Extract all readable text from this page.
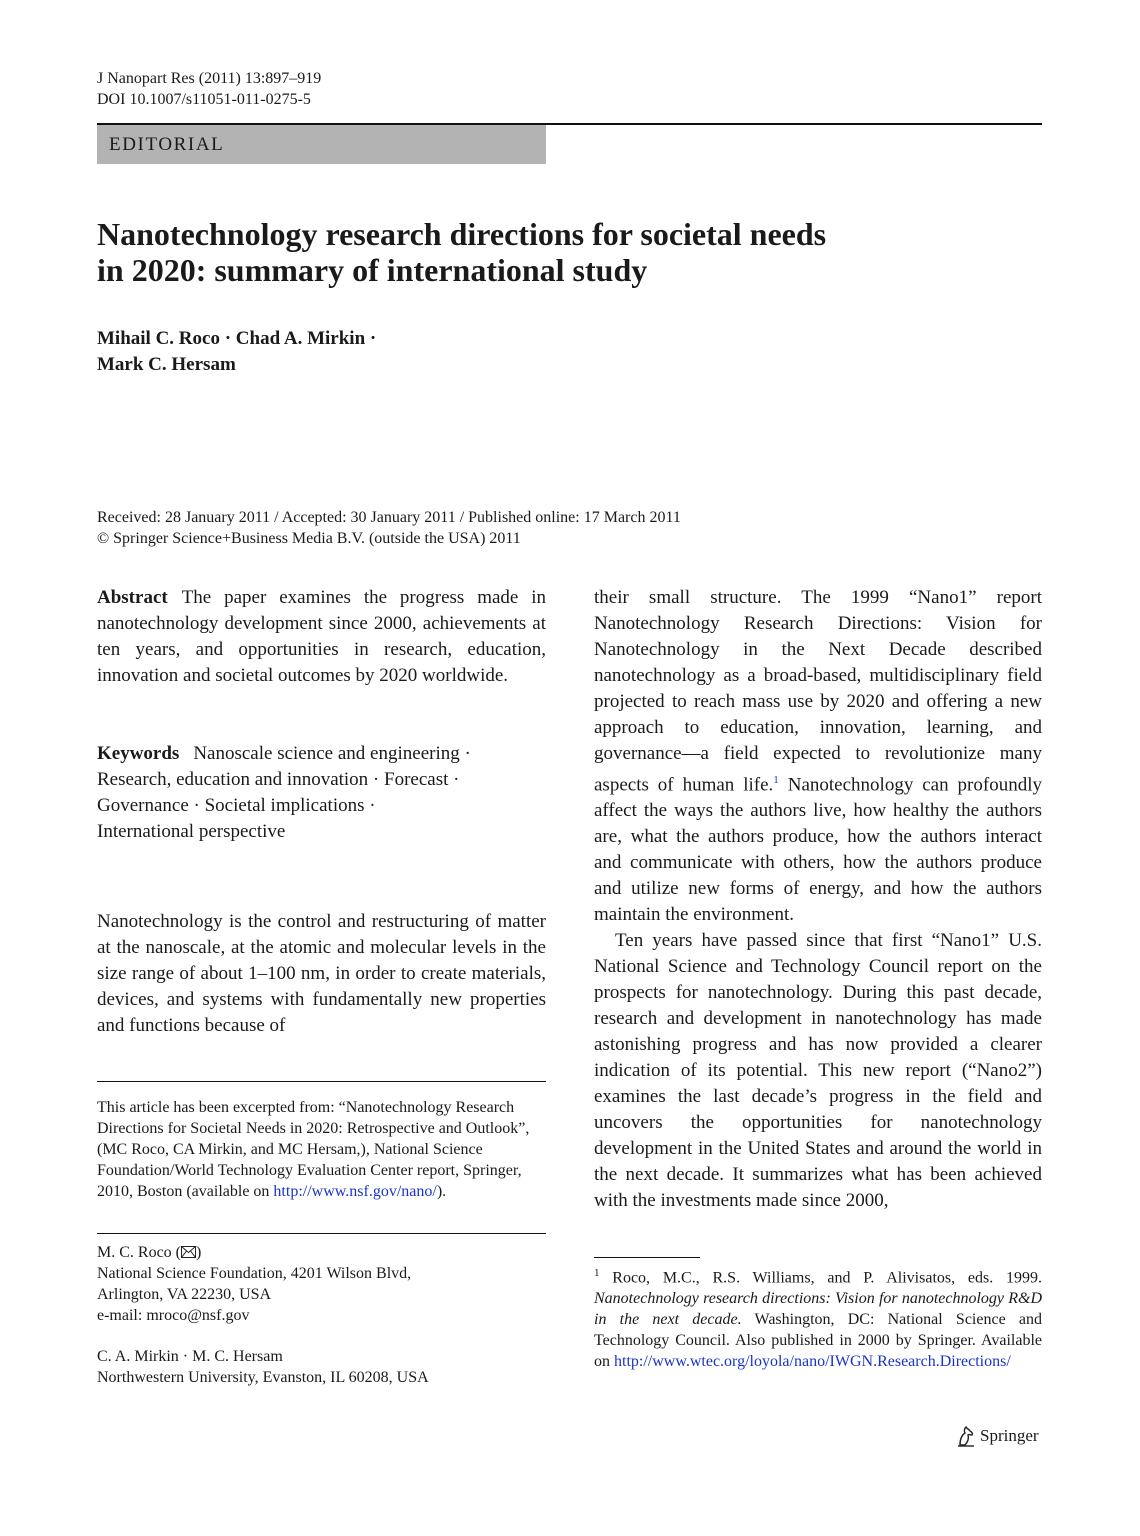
J Nanopart Res (2011) 13:897–919
DOI 10.1007/s11051-011-0275-5
EDITORIAL
Nanotechnology research directions for societal needs
in 2020: summary of international study
Mihail C. Roco · Chad A. Mirkin ·
Mark C. Hersam
Received: 28 January 2011 / Accepted: 30 January 2011 / Published online: 17 March 2011
© Springer Science+Business Media B.V. (outside the USA) 2011
Abstract The paper examines the progress made in nanotechnology development since 2000, achievements at ten years, and opportunities in research, education, innovation and societal outcomes by 2020 worldwide.
Keywords Nanoscale science and engineering ·
Research, education and innovation · Forecast ·
Governance · Societal implications ·
International perspective
Nanotechnology is the control and restructuring of matter at the nanoscale, at the atomic and molecular levels in the size range of about 1–100 nm, in order to create materials, devices, and systems with fundamentally new properties and functions because of

their small structure. The 1999 “Nano1” report Nanotechnology Research Directions: Vision for Nanotechnology in the Next Decade described nanotechnology as a broad-based, multidisciplinary field projected to reach mass use by 2020 and offering a new approach to education, innovation, learning, and governance—a field expected to revolutionize many aspects of human life.$^1$ Nanotechnology can profoundly affect the ways the authors live, how healthy the authors are, what the authors produce, how the authors interact and communicate with others, how the authors produce and utilize new forms of energy, and how the authors maintain the environment.

Ten years have passed since that first “Nano1” U.S. National Science and Technology Council report on the prospects for nanotechnology. During this past decade, research and development in nanotechnology has made astonishing progress and has now provided a clearer indication of its potential. This new report (“Nano2”) examines the last decade’s progress in the field and uncovers the opportunities for nanotechnology development in the United States and around the world in the next decade. It summarizes what has been achieved with the investments made since 2000,

This article has been excerpted from: “Nanotechnology Research Directions for Societal Needs in 2020: Retrospective and Outlook”, (MC Roco, CA Mirkin, and MC Hersam,), National Science Foundation/World Technology Evaluation Center report, Springer, 2010, Boston (available on http://www.nsf.gov/nano/).
M. C. Roco ( )
National Science Foundation, 4201 Wilson Blvd,
Arlington, VA 22230, USA
e-mail: mroco@nsf.gov
C. A. Mirkin · M. C. Hersam
Northwestern University, Evanston, IL 60208, USA
$^1$ Roco, M.C., R.S. Williams, and P. Alivisatos, eds. 1999. Nanotechnology research directions: Vision for nanotechnology R&D in the next decade. Washington, DC: National Science and Technology Council. Also published in 2000 by Springer. Available on http://www.wtec.org/loyola/nano/IWGN.Research.Directions/
Springer
